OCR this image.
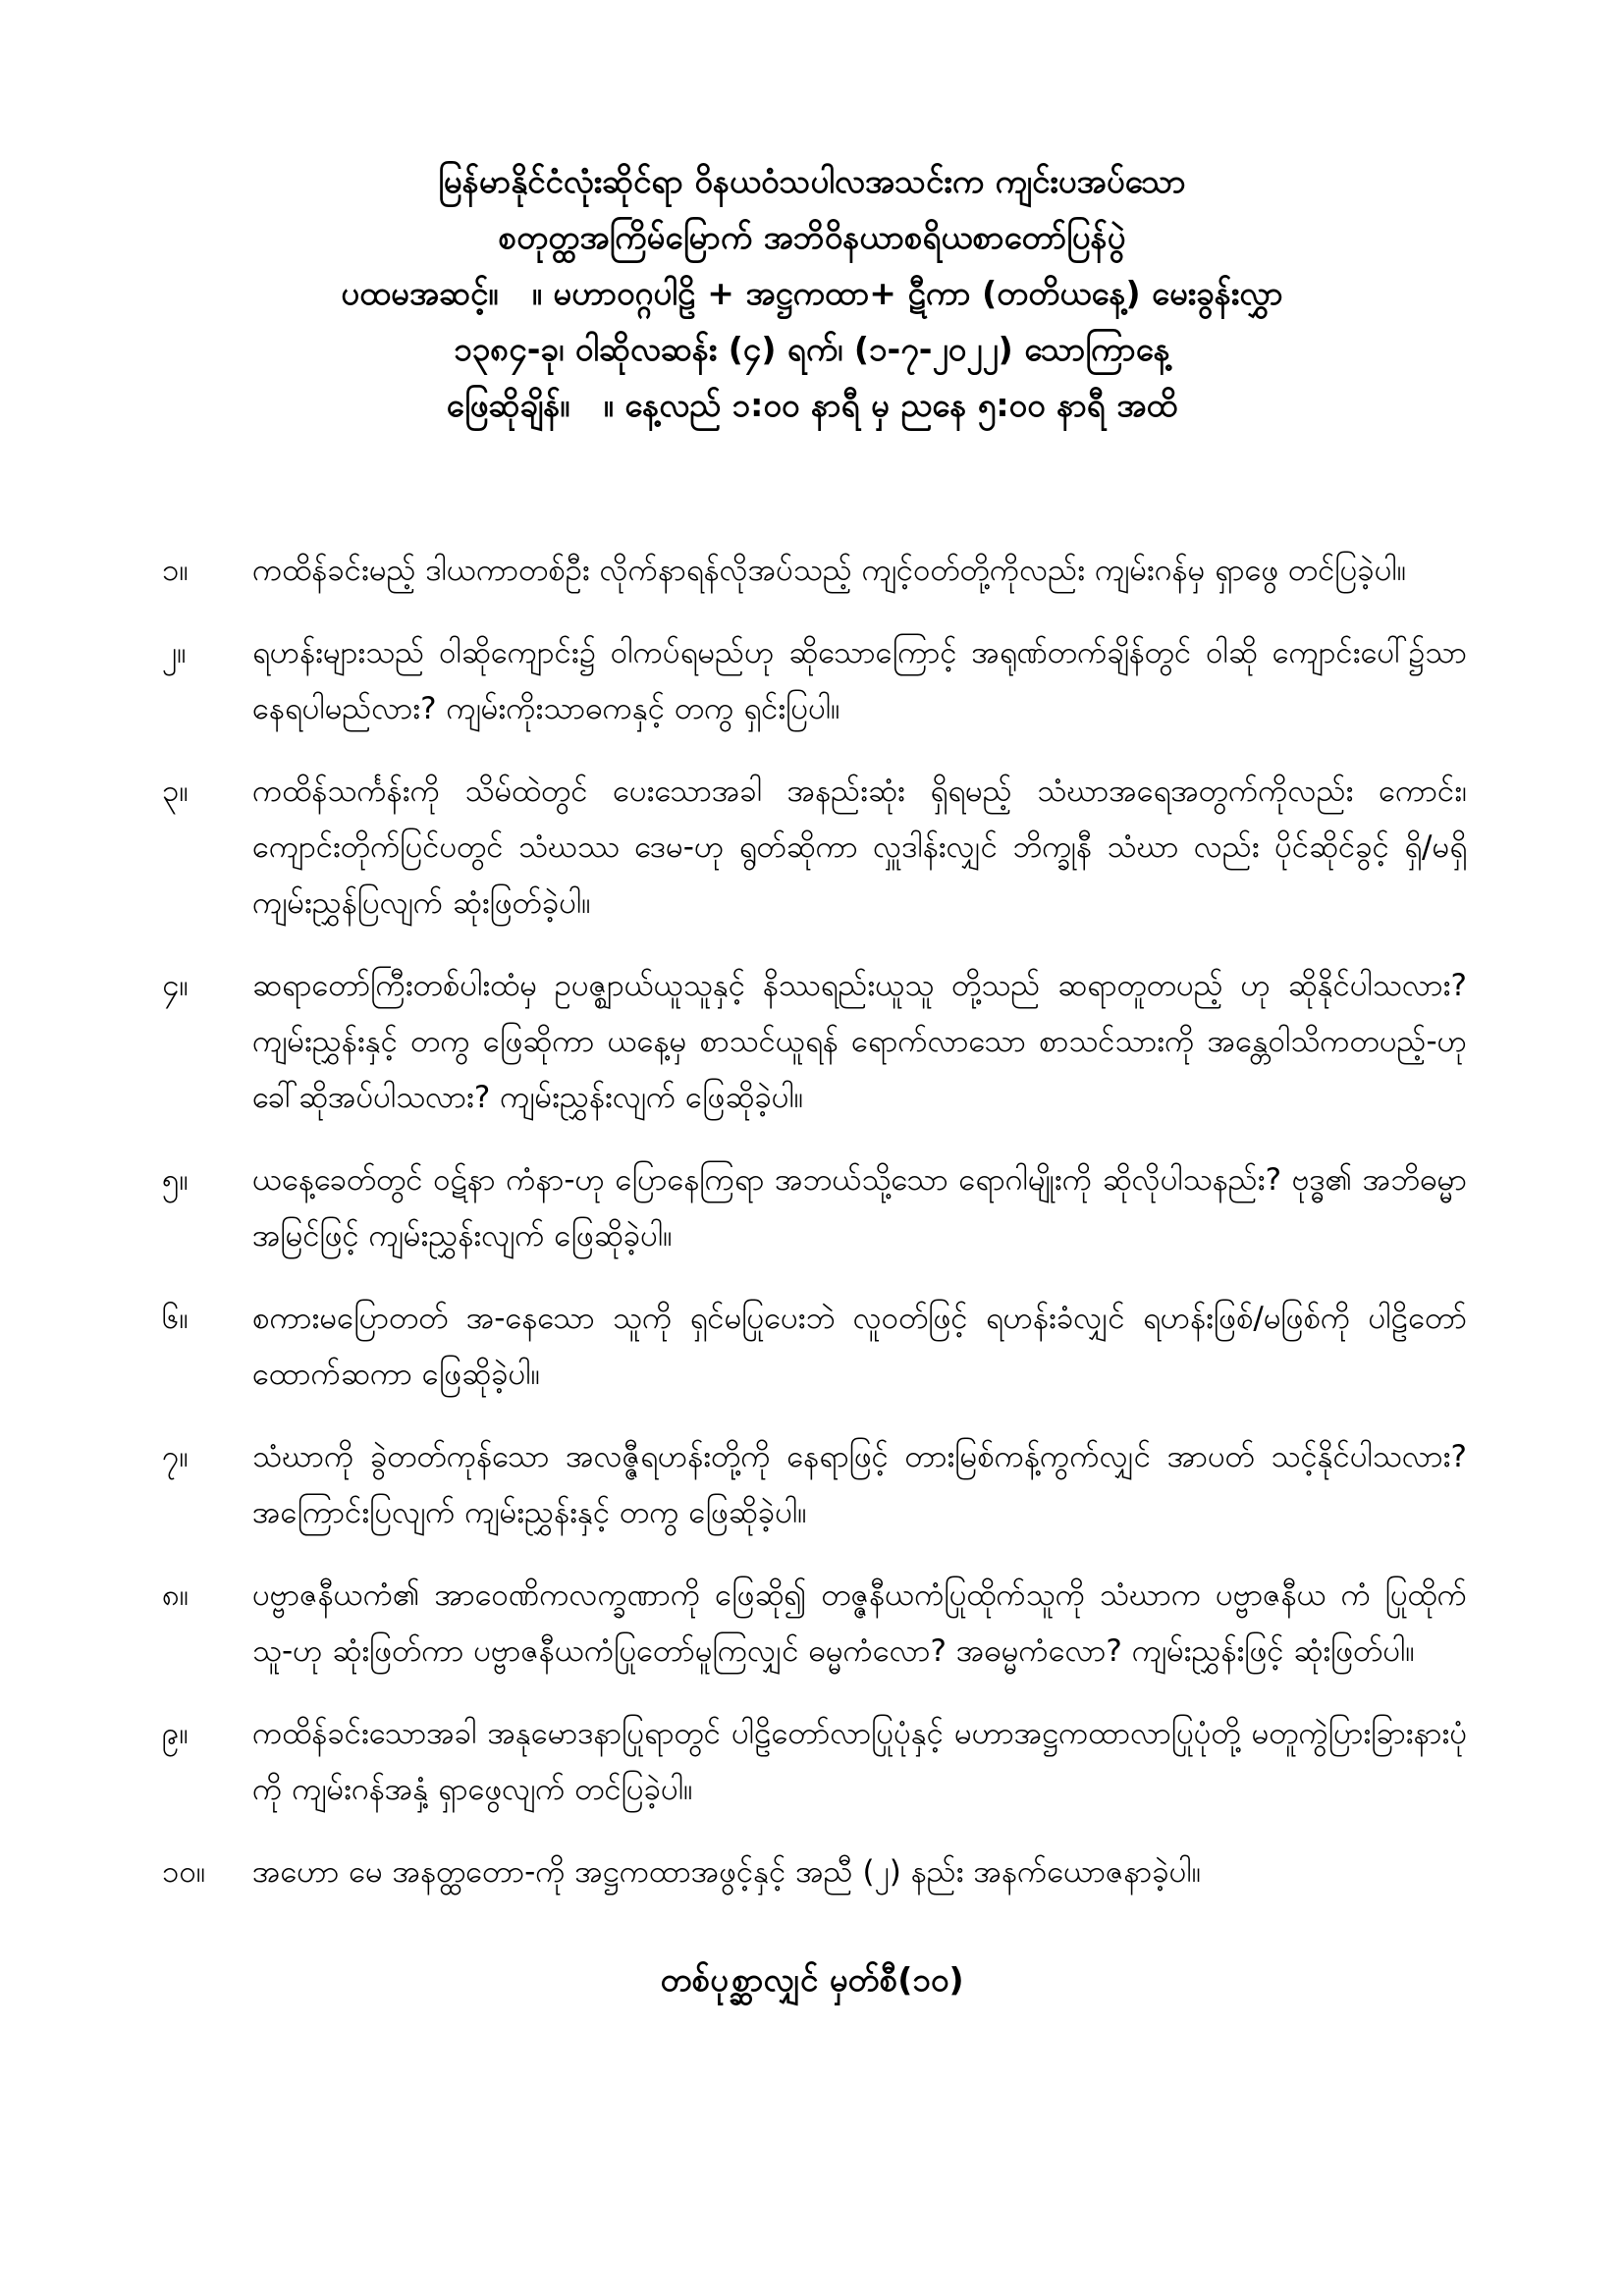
မြန်မာနိုင်ငံလုံးဆိုင်ရာ ဝိနယဝံသပါလအသင်းက ကျင်းပအပ်သော
စတုတ္ထအကြိမ်မြောက် အဘိဝိနယာစရိယစာတော်ပြန်ပွဲ
ပထမအဆင့်။   ။ မဟာဝဂ္ဂပါဠိ + အဋ္ဌကထာ+ ဋီကာ (တတိယနေ့) မေးခွန်းလွှာ
၁၃၈၄-ခု၊ ဝါဆိုလဆန်း (၄) ရက်၊ (၁-၇-၂၀၂၂) သောကြာနေ့
ဖြေဆိုချိန်။   ။ နေ့လည် ၁:၀၀ နာရီ မှ ညနေ ၅:၀၀ နာရီ အထိ
၁။	ကထိန်ခင်းမည့် ဒါယကာတစ်ဦး လိုက်နာရန်လိုအပ်သည့် ကျင့်ဝတ်တို့ကိုလည်း ကျမ်းဂန်မှ ရှာဖွေ တင်ပြခဲ့ပါ။
၂။	ရဟန်းများသည် ဝါဆိုကျောင်း၌ ဝါကပ်ရမည်ဟု ဆိုသောကြောင့် အရုဏ်တက်ချိန်တွင် ဝါဆို ကျောင်းပေါ်၌သာ နေရပါမည်လား? ကျမ်းကိုးသာဓကနှင့် တကွ ရှင်းပြပါ။
၃။	ကထိန်သင်္ကန်းကို သိမ်ထဲတွင် ပေးသောအခါ အနည်းဆုံး ရှိရမည့် သံဃာအရေအတွက်ကိုလည်း ကောင်း၊ ကျောင်းတိုက်ပြင်ပတွင် သံဃဿ ဒေမ-ဟု ရွတ်ဆိုကာ လှူဒါန်းလျှင် ဘိက္ခုနီ သံဃာ လည်း ပိုင်ဆိုင်ခွင့် ရှိ/မရှိ ကျမ်းညွှန်ပြလျက် ဆုံးဖြတ်ခဲ့ပါ။
၄။	ဆရာတော်ကြီးတစ်ပါးထံမှ ဥပဇ္ဈာယ်ယူသူနှင့် နိဿရည်းယူသူ တို့သည် ဆရာတူတပည့် ဟု ဆိုနိုင်ပါသလား? ကျမ်းညွှန်းနှင့် တကွ ဖြေဆိုကာ ယနေ့မှ စာသင်ယူရန် ရောက်လာသော စာသင်သားကို အန္တေဝါသိကတပည့်-ဟု ခေါ်ဆိုအပ်ပါသလား? ကျမ်းညွှန်းလျက် ဖြေဆိုခဲ့ပါ။
၅။	ယနေ့ခေတ်တွင် ဝဋ်နာ ကံနာ-ဟု ပြောနေကြရာ အဘယ်သို့သော ရောဂါမျိုးကို ဆိုလိုပါသနည်း? ဗုဒ္ဓ၏ အဘိဓမ္မာအမြင်ဖြင့် ကျမ်းညွှန်းလျက် ဖြေဆိုခဲ့ပါ။
၆။	စကားမပြောတတ် အ-နေသော သူကို ရှင်မပြုပေးဘဲ လူဝတ်ဖြင့် ရဟန်းခံလျှင် ရဟန်းဖြစ်/မဖြစ်ကို ပါဠိတော်ထောက်ဆကာ ဖြေဆိုခဲ့ပါ။
၇။	သံဃာကို ခွဲတတ်ကုန်သော အလဇ္ဇီရဟန်းတို့ကို နေရာဖြင့် တားမြစ်ကန့်ကွက်လျှင် အာပတ် သင့်နိုင်ပါသလား? အကြောင်းပြလျက် ကျမ်းညွှန်းနှင့် တကွ ဖြေဆိုခဲ့ပါ။
၈။	ပဗ္ဗာဇနီယကံ၏ အာဝေဏိကလက္ခဏာကို ဖြေဆို၍ တဇ္ဇနီယကံပြုထိုက်သူကို သံဃာက ပဗ္ဗာဇနီယ ကံ ပြုထိုက်သူ-ဟု ဆုံးဖြတ်ကာ ပဗ္ဗာဇနီယကံပြုတော်မူကြလျှင် ဓမ္မကံလော? အဓမ္မကံလော? ကျမ်းညွှန်းဖြင့် ဆုံးဖြတ်ပါ။
၉။	ကထိန်ခင်းသောအခါ အနုမောဒနာပြုရာတွင် ပါဠိတော်လာပြုပုံနှင့် မဟာအဋ္ဌကထာလာပြုပုံတို့ မတူကွဲပြားခြားနားပုံကို ကျမ်းဂန်အနှံ့ ရှာဖွေလျက် တင်ပြခဲ့ပါ။
၁၀။	အဟော မေ အနတ္ထတော-ကို အဋ္ဌကထာအဖွင့်နှင့် အညီ (၂) နည်း အနက်ယောဇနာခဲ့ပါ။
တစ်ပုစ္ဆာလျှင် မှတ်စီ(၁၀)
